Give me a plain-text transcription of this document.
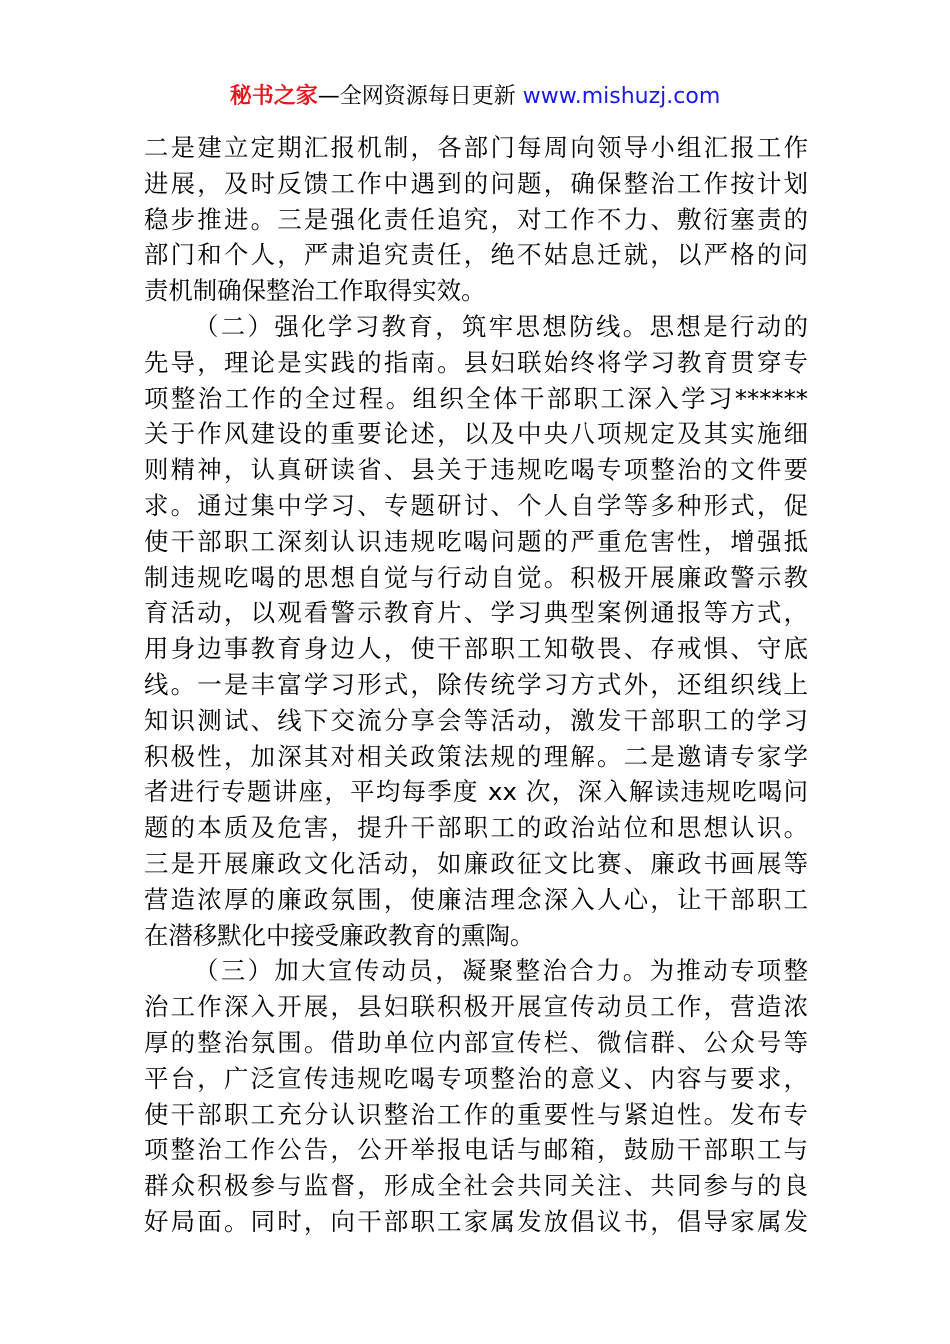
秘书之家—全网资源每日更新 www.mishuzj.com
二是建立定期汇报机制，各部门每周向领导小组汇报工作
进展，及时反馈工作中遇到的问题，确保整治工作按计划
稳步推进。三是强化责任追究，对工作不力、敷衍塞责的
部门和个人，严肃追究责任，绝不姑息迁就，以严格的问
责机制确保整治工作取得实效。
（二）强化学习教育，筑牢思想防线。思想是行动的
先导，理论是实践的指南。县妇联始终将学习教育贯穿专
项整治工作的全过程。组织全体干部职工深入学习******
关于作风建设的重要论述，以及中央八项规定及其实施细
则精神，认真研读省、县关于违规吃喝专项整治的文件要
求。通过集中学习、专题研讨、个人自学等多种形式，促
使干部职工深刻认识违规吃喝问题的严重危害性，增强抵
制违规吃喝的思想自觉与行动自觉。积极开展廉政警示教
育活动，以观看警示教育片、学习典型案例通报等方式，
用身边事教育身边人，使干部职工知敬畏、存戒惧、守底
线。一是丰富学习形式，除传统学习方式外，还组织线上
知识测试、线下交流分享会等活动，激发干部职工的学习
积极性，加深其对相关政策法规的理解。二是邀请专家学
者进行专题讲座，平均每季度 xx 次，深入解读违规吃喝问
题的本质及危害，提升干部职工的政治站位和思想认识。
三是开展廉政文化活动，如廉政征文比赛、廉政书画展等
营造浓厚的廉政氛围，使廉洁理念深入人心，让干部职工
在潜移默化中接受廉政教育的熏陶。
（三）加大宣传动员，凝聚整治合力。为推动专项整
治工作深入开展，县妇联积极开展宣传动员工作，营造浓
厚的整治氛围。借助单位内部宣传栏、微信群、公众号等
平台，广泛宣传违规吃喝专项整治的意义、内容与要求，
使干部职工充分认识整治工作的重要性与紧迫性。发布专
项整治工作公告，公开举报电话与邮箱，鼓励干部职工与
群众积极参与监督，形成全社会共同关注、共同参与的良
好局面。同时，向干部职工家属发放倡议书，倡导家属发
